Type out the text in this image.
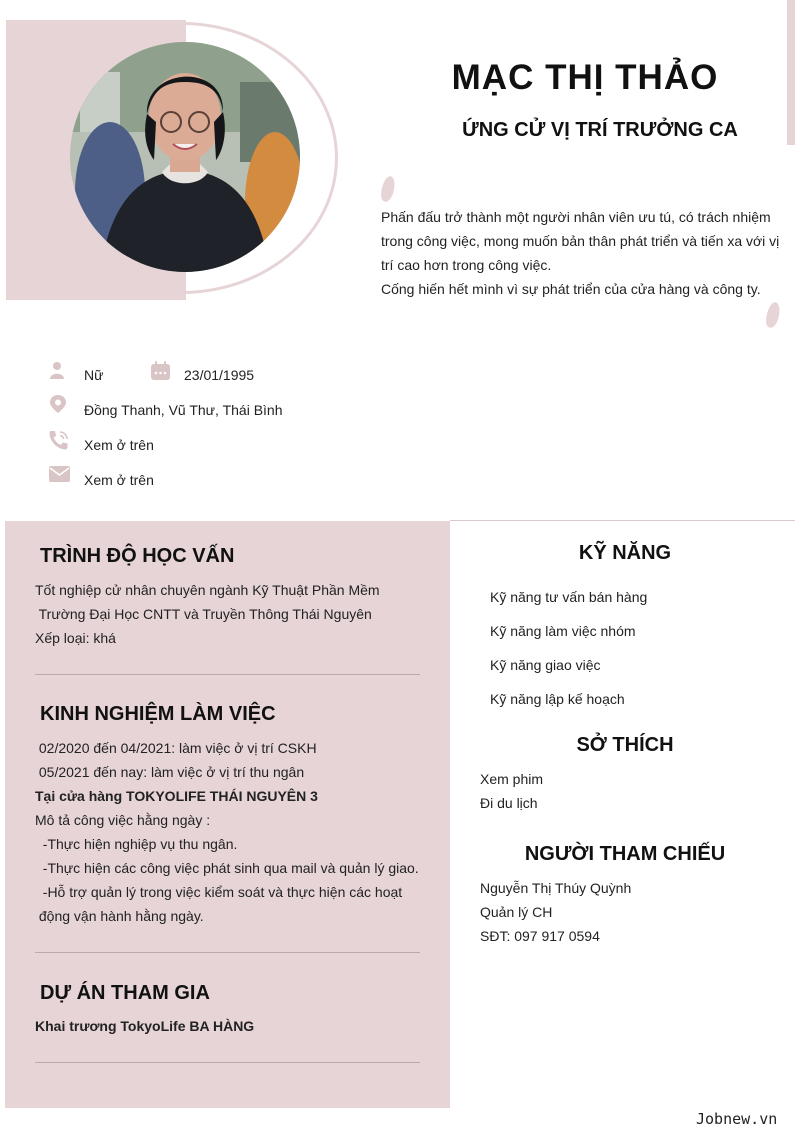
MẠC THỊ THẢO
ỨNG CỬ VỊ TRÍ TRƯỞNG CA

Phấn đấu trở thành một người nhân viên ưu tú, có trách nhiệm trong công việc, mong muốn bản thân phát triển và tiến xa với vị trí cao hơn trong công việc.

Cống hiến hết mình vì sự phát triển của cửa hàng và công ty.

Nữ	23/01/1995
Đồng Thanh, Vũ Thư, Thái Bình
Xem ở trên
Xem ở trên
TRÌNH ĐỘ HỌC VẤN
Tốt nghiệp cử nhân chuyên ngành Kỹ Thuật Phần Mềm
Trường Đại Học CNTT và Truyền Thông Thái Nguyên
Xếp loại: khá
KINH NGHIỆM LÀM VIỆC
02/2020 đến 04/2021: làm việc ở vị trí CSKH
05/2021 đến nay: làm việc ở vị trí thu ngân
Tại cửa hàng TOKYOLIFE THÁI NGUYÊN 3
Mô tả công việc hằng ngày :
-Thực hiện nghiệp vụ thu ngân.
-Thực hiện các công việc phát sinh qua mail và quản lý giao.
-Hỗ trợ quản lý trong việc kiểm soát và thực hiện các hoạt
động vận hành hằng ngày.
DỰ ÁN THAM GIA
Khai trương TokyoLife BA HÀNG
KỸ NĂNG
Kỹ năng tư vấn bán hàng
Kỹ năng làm việc nhóm
Kỹ năng giao việc
Kỹ năng lập kế hoạch
SỞ THÍCH
Xem phim
Đi du lịch
NGƯỜI THAM CHIẾU
Nguyễn Thị Thúy Quỳnh
Quản lý CH
SĐT: 097 917 0594
Jobnew.vn
